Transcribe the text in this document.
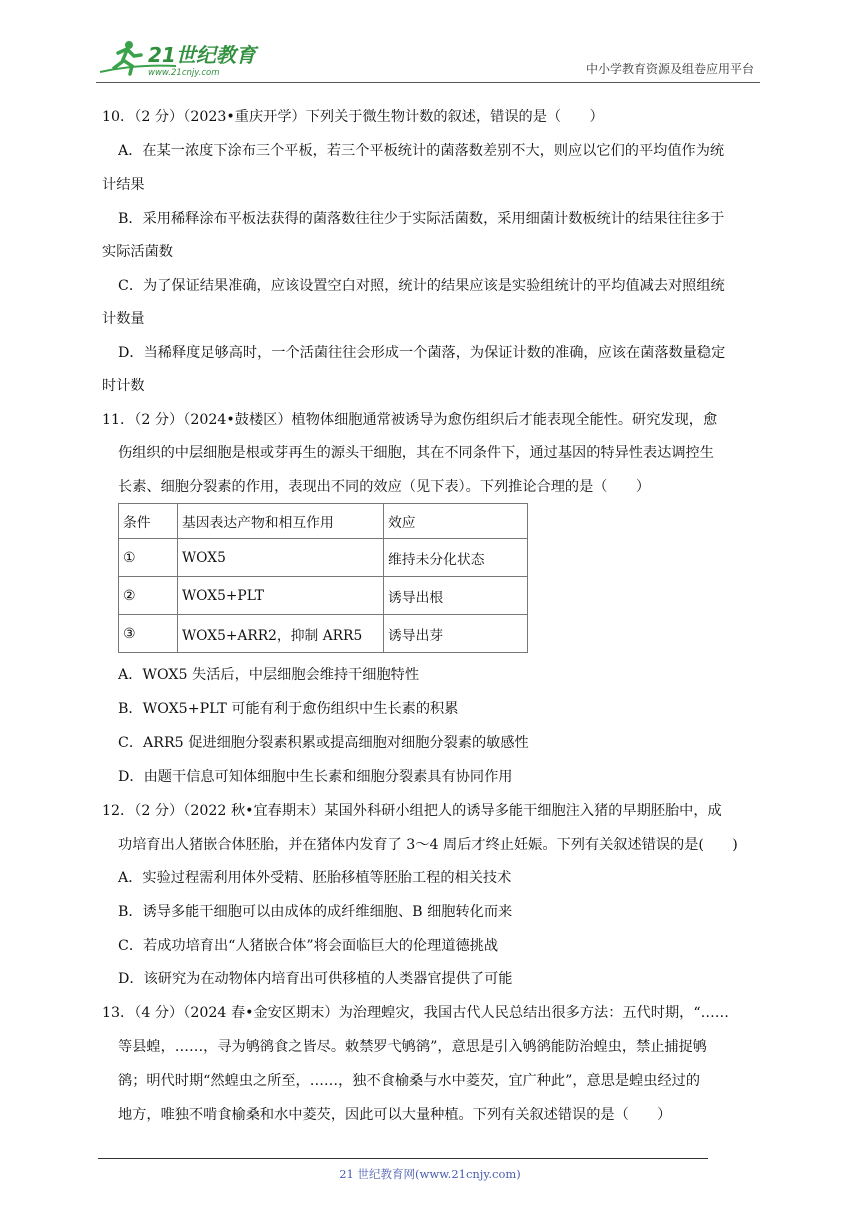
21世纪教育
www.21cnjy.com	中小学教育资源及组卷应用平台
10．（2 分）（2023•重庆开学）下列关于微生物计数的叙述，错误的是（　　）
A．在某一浓度下涂布三个平板，若三个平板统计的菌落数差别不大，则应以它们的平均值作为统
计结果
B．采用稀释涂布平板法获得的菌落数往往少于实际活菌数，采用细菌计数板统计的结果往往多于
实际活菌数
C．为了保证结果准确，应该设置空白对照，统计的结果应该是实验组统计的平均值减去对照组统
计数量
D．当稀释度足够高时，一个活菌往往会形成一个菌落，为保证计数的准确，应该在菌落数量稳定
时计数
11．（2 分）（2024•鼓楼区）植物体细胞通常被诱导为愈伤组织后才能表现全能性。研究发现，愈
伤组织的中层细胞是根或芽再生的源头干细胞，其在不同条件下，通过基因的特异性表达调控生
长素、细胞分裂素的作用，表现出不同的效应（见下表）。下列推论合理的是（　　）
条件	基因表达产物和相互作用	效应
①	WOX5	维持未分化状态
②	WOX5+PLT	诱导出根
③	WOX5+ARR2，抑制 ARR5	诱导出芽
A．WOX5 失活后，中层细胞会维持干细胞特性
B．WOX5+PLT 可能有利于愈伤组织中生长素的积累
C．ARR5 促进细胞分裂素积累或提高细胞对细胞分裂素的敏感性
D．由题干信息可知体细胞中生长素和细胞分裂素具有协同作用
12．（2 分）（2022 秋•宜春期末）某国外科研小组把人的诱导多能干细胞注入猪的早期胚胎中，成
功培育出人猪嵌合体胚胎，并在猪体内发育了 3～4 周后才终止妊娠。下列有关叙述错误的是(　　)
A．实验过程需利用体外受精、胚胎移植等胚胎工程的相关技术
B．诱导多能干细胞可以由成体的成纤维细胞、B 细胞转化而来
C．若成功培育出“人猪嵌合体”将会面临巨大的伦理道德挑战
D．该研究为在动物体内培育出可供移植的人类器官提供了可能
13．（4 分）（2024 春•金安区期末）为治理蝗灾，我国古代人民总结出很多方法：五代时期，“……
等县蝗，……，寻为鸲鹆食之皆尽。敕禁罗弋鸲鹆”，意思是引入鸲鹆能防治蝗虫，禁止捕捉鸲
鹆；明代时期“然蝗虫之所至，……，独不食榆桑与水中菱芡，宜广种此”，意思是蝗虫经过的
地方，唯独不啃食榆桑和水中菱芡，因此可以大量种植。下列有关叙述错误的是（　　）
21 世纪教育网(www.21cnjy.com)
